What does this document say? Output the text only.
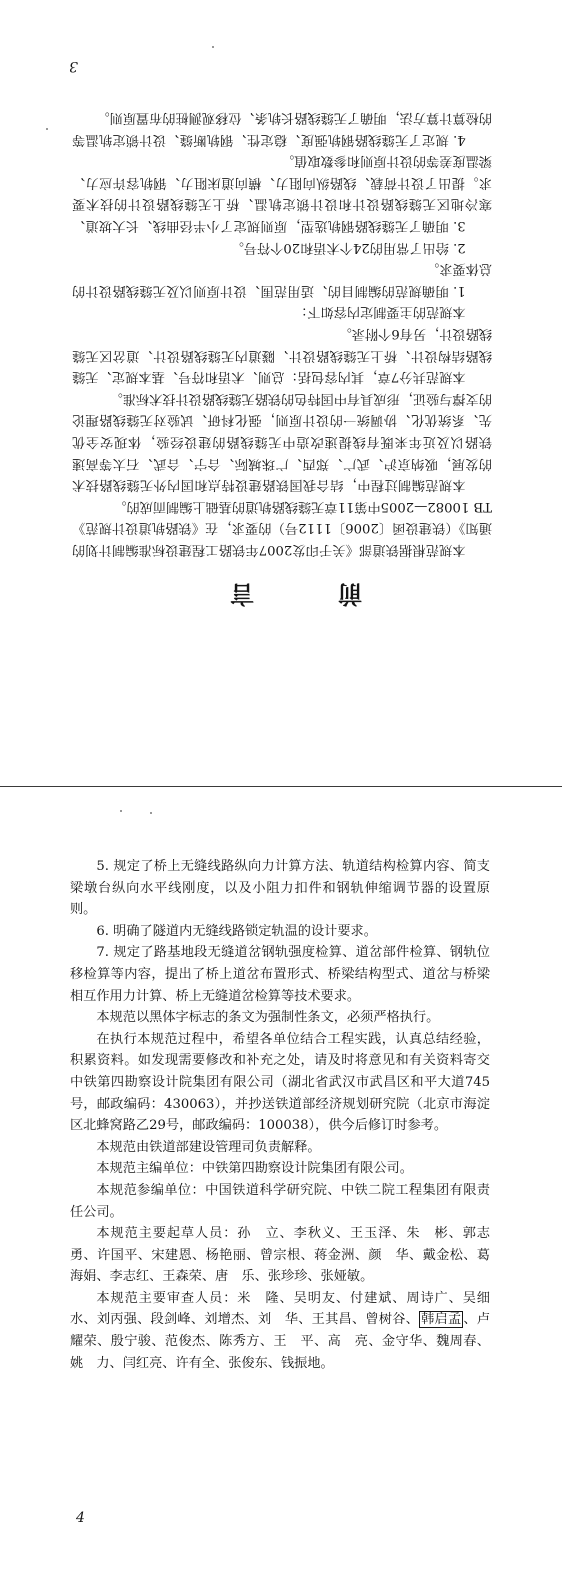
前　言

本规范根据铁道部《关于印发2007年铁路工程建设标准编制计划的通知》（铁建设函〔2006〕1112号）的要求，在《铁路轨道设计规范》TB 10082—2005中第11章无缝线路轨道的基础上编制而成的。

本规范编制过程中，结合我国铁路建设特点和国内外无缝线路技术的发展，吸纳京沪、武广、郑西、广珠城际、合宁、合武、石太等高速铁路以及近年来既有线提速改造中无缝线路的建设经验，体现安全优先、系统优化、协调统一的设计原则，强化科研、试验对无缝线路理论的支撑与验证，形成具有中国特色的铁路无缝线路设计技术标准。

本规范共分7章，其内容包括：总则、术语和符号、基本规定、无缝线路结构设计、桥上无缝线路设计、隧道内无缝线路设计、道岔区无缝线路设计，另有6个附录。

本规范的主要制定内容如下：

1. 明确规范的编制目的、适用范围、设计原则以及无缝线路设计的总体要求。

2. 给出了常用的24个术语和20个符号。

3. 明确了无缝线路钢轨选型，原则规定了小半径曲线、长大坡道、寒冷地区无缝线路设计和设计锁定轨温、桥上无缝线路设计的技术要求。提出了设计荷载、线路纵向阻力、横向道床阻力、钢轨容许应力、梁温度差等的设计原则和参数取值。

4. 规定了无缝线路钢轨强度、稳定性、钢轨断缝、设计锁定轨温等的检算计算方法，明确了无缝线路长轨条、位移观测桩的布置原则。

3

5. 规定了桥上无缝线路纵向力计算方法、轨道结构检算内容、简支梁墩台纵向水平线刚度，以及小阻力扣件和钢轨伸缩调节器的设置原则。

6. 明确了隧道内无缝线路锁定轨温的设计要求。

7. 规定了路基地段无缝道岔钢轨强度检算、道岔部件检算、钢轨位移检算等内容，提出了桥上道岔布置形式、桥梁结构型式、道岔与桥梁相互作用力计算、桥上无缝道岔检算等技术要求。

本规范以黑体字标志的条文为强制性条文，必须严格执行。

在执行本规范过程中，希望各单位结合工程实践，认真总结经验，积累资料。如发现需要修改和补充之处，请及时将意见和有关资料寄交中铁第四勘察设计院集团有限公司（湖北省武汉市武昌区和平大道745号，邮政编码：430063），并抄送铁道部经济规划研究院（北京市海淀区北蜂窝路乙29号，邮政编码：100038），供今后修订时参考。

本规范由铁道部建设管理司负责解释。

本规范主编单位：中铁第四勘察设计院集团有限公司。

本规范参编单位：中国铁道科学研究院、中铁二院工程集团有限责任公司。

本规范主要起草人员：孙　立、李秋义、王玉泽、朱　彬、郭志勇、许国平、宋建恩、杨艳丽、曾宗根、蒋金洲、颜　华、戴金松、葛海娟、李志红、王森荣、唐　乐、张珍珍、张娅敏。

本规范主要审查人员：米　隆、吴明友、付建斌、周诗广、吴细水、刘丙强、段剑峰、刘增杰、刘　华、王其昌、曾树谷、 韩启孟 、卢耀荣、殷宁骏、范俊杰、陈秀方、王　平、高　亮、金守华、魏周春、姚　力、闫红亮、许有全、张俊东、钱振地。

4
